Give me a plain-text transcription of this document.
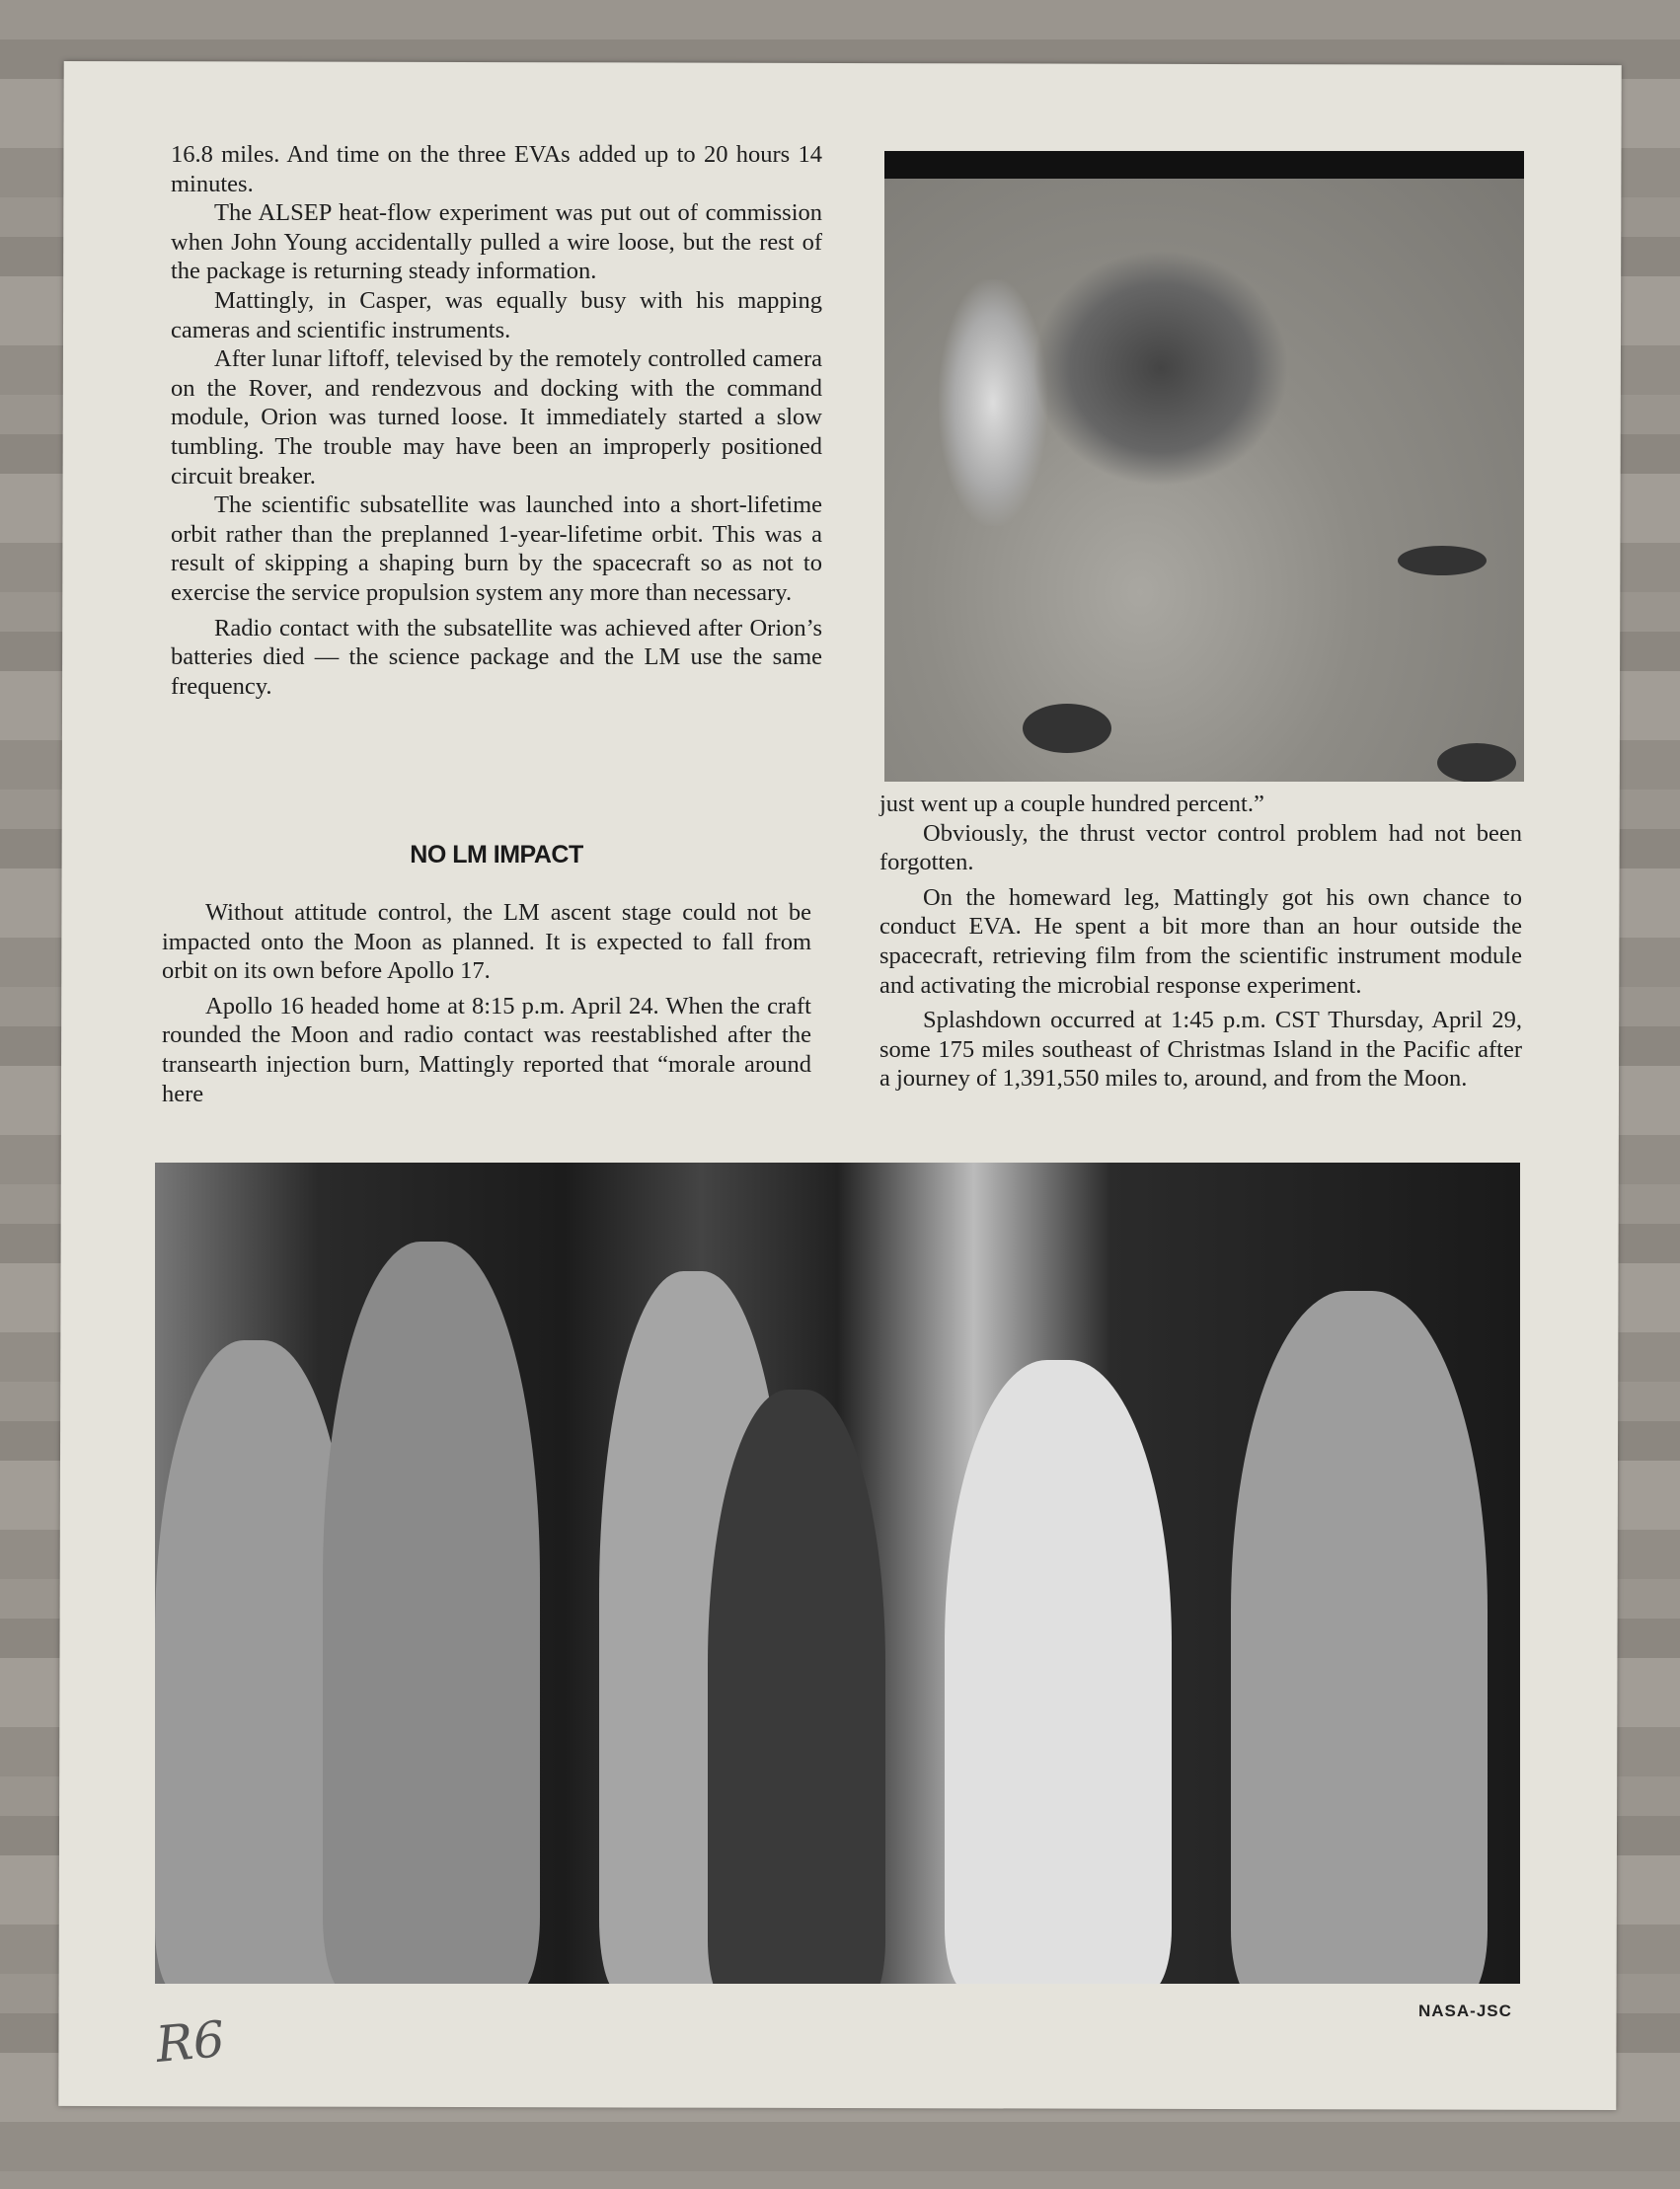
16.8 miles. And time on the three EVAs added up to 20 hours 14 minutes.

The ALSEP heat-flow experiment was put out of commission when John Young accidentally pulled a wire loose, but the rest of the package is returning steady information.

Mattingly, in Casper, was equally busy with his mapping cameras and scientific instruments.

After lunar liftoff, televised by the remotely controlled camera on the Rover, and rendezvous and docking with the command module, Orion was turned loose. It immediately started a slow tumbling. The trouble may have been an improperly positioned circuit breaker.

The scientific subsatellite was launched into a short-lifetime orbit rather than the preplanned 1-year-lifetime orbit. This was a result of skipping a shaping burn by the spacecraft so as not to exercise the service propulsion system any more than necessary.

Radio contact with the subsatellite was achieved after Orion’s batteries died — the science package and the LM use the same frequency.

NO LM IMPACT

Without attitude control, the LM ascent stage could not be impacted onto the Moon as planned. It is expected to fall from orbit on its own before Apollo 17.

Apollo 16 headed home at 8:15 p.m. April 24. When the craft rounded the Moon and radio contact was reestablished after the transearth injection burn, Mattingly reported that “morale around here

just went up a couple hundred percent.”

Obviously, the thrust vector control problem had not been forgotten.

On the homeward leg, Mattingly got his own chance to conduct EVA. He spent a bit more than an hour outside the spacecraft, retrieving film from the scientific instrument module and activating the microbial response experiment.

Splashdown occurred at 1:45 p.m. CST Thursday, April 29, some 175 miles southeast of Christmas Island in the Pacific after a journey of 1,391,550 miles to, around, and from the Moon.

NASA-JSC
R6
